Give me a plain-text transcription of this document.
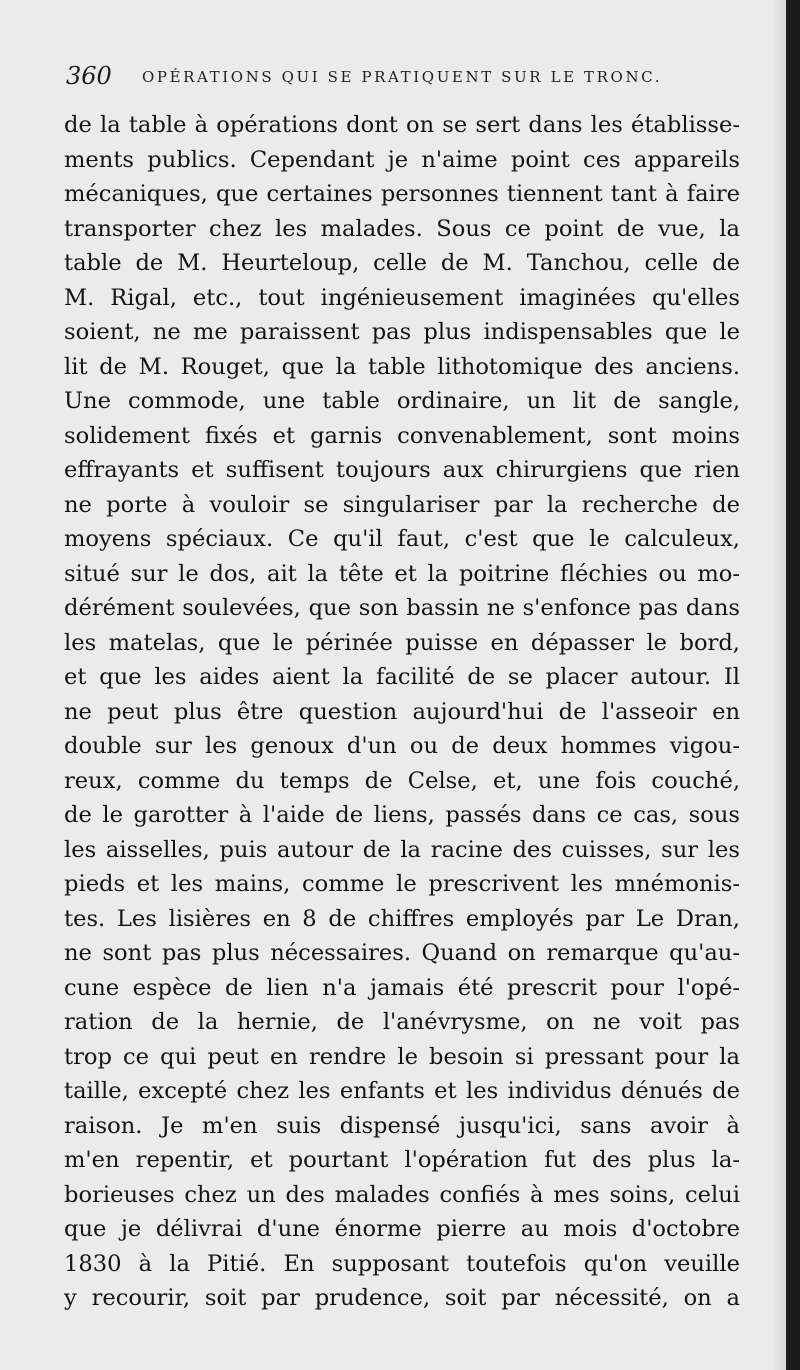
360 OPÉRATIONS QUI SE PRATIQUENT SUR LE TRONC.
de la table à opérations dont on se sert dans les établisse-
ments publics. Cependant je n'aime point ces appareils
mécaniques, que certaines personnes tiennent tant à faire
transporter chez les malades. Sous ce point de vue, la
table de M. Heurteloup, celle de M. Tanchou, celle de
M. Rigal, etc., tout ingénieusement imaginées qu'elles
soient, ne me paraissent pas plus indispensables que le
lit de M. Rouget, que la table lithotomique des anciens.
Une commode, une table ordinaire, un lit de sangle,
solidement fixés et garnis convenablement, sont moins
effrayants et suffisent toujours aux chirurgiens que rien
ne porte à vouloir se singulariser par la recherche de
moyens spéciaux. Ce qu'il faut, c'est que le calculeux,
situé sur le dos, ait la tête et la poitrine fléchies ou mo-
dérément soulevées, que son bassin ne s'enfonce pas dans
les matelas, que le périnée puisse en dépasser le bord,
et que les aides aient la facilité de se placer autour. Il
ne peut plus être question aujourd'hui de l'asseoir en
double sur les genoux d'un ou de deux hommes vigou-
reux, comme du temps de Celse, et, une fois couché,
de le garotter à l'aide de liens, passés dans ce cas, sous
les aisselles, puis autour de la racine des cuisses, sur les
pieds et les mains, comme le prescrivent les mnémonis-
tes. Les lisières en 8 de chiffres employés par Le Dran,
ne sont pas plus nécessaires. Quand on remarque qu'au-
cune espèce de lien n'a jamais été prescrit pour l'opé-
ration de la hernie, de l'anévrysme, on ne voit pas
trop ce qui peut en rendre le besoin si pressant pour la
taille, excepté chez les enfants et les individus dénués de
raison. Je m'en suis dispensé jusqu'ici, sans avoir à
m'en repentir, et pourtant l'opération fut des plus la-
borieuses chez un des malades confiés à mes soins, celui
que je délivrai d'une énorme pierre au mois d'octobre
1830 à la Pitié. En supposant toutefois qu'on veuille
y recourir, soit par prudence, soit par nécessité, on a
